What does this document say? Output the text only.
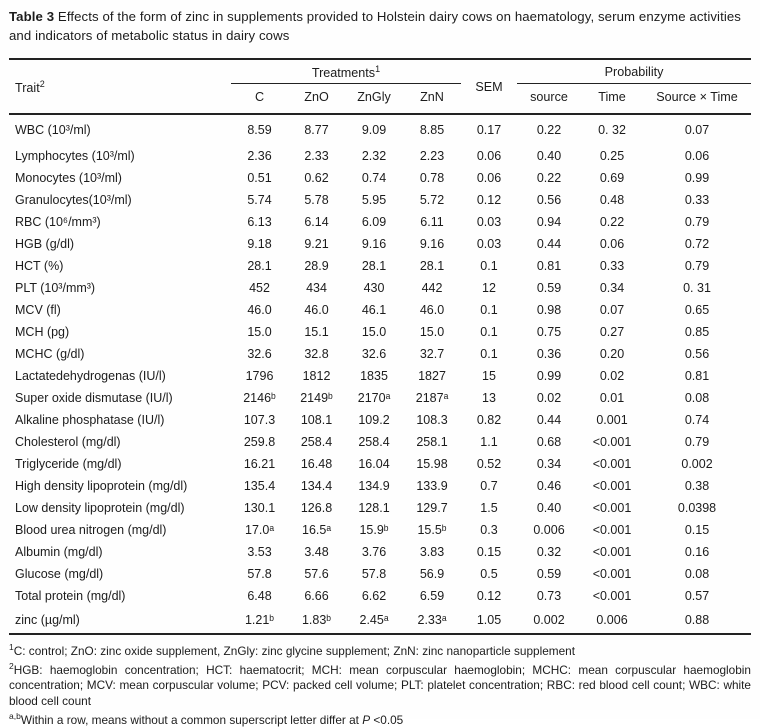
Table 3 Effects of the form of zinc in supplements provided to Holstein dairy cows on haematology, serum enzyme activities and indicators of metabolic status in dairy cows

Trait$^2$	Treatments$^1$				SEM	Probability		
	C	ZnO	ZnGly	ZnN		source	Time	Source × Time
WBC (10³/ml)	8.59	8.77	9.09	8.85	0.17	0.22	0. 32	0.07
Lymphocytes (10³/ml)	2.36	2.33	2.32	2.23	0.06	0.40	0.25	0.06
Monocytes (10³/ml)	0.51	0.62	0.74	0.78	0.06	0.22	0.69	0.99
Granulocytes(10³/ml)	5.74	5.78	5.95	5.72	0.12	0.56	0.48	0.33
RBC (10⁶/mm³)	6.13	6.14	6.09	6.11	0.03	0.94	0.22	0.79
HGB (g/dl)	9.18	9.21	9.16	9.16	0.03	0.44	0.06	0.72
HCT (%)	28.1	28.9	28.1	28.1	0.1	0.81	0.33	0.79
PLT (10³/mm³)	452	434	430	442	12	0.59	0.34	0. 31
MCV (fl)	46.0	46.0	46.1	46.0	0.1	0.98	0.07	0.65
MCH (pg)	15.0	15.1	15.0	15.0	0.1	0.75	0.27	0.85
MCHC (g/dl)	32.6	32.8	32.6	32.7	0.1	0.36	0.20	0.56
Lactatedehydrogenas (IU/l)	1796	1812	1835	1827	15	0.99	0.02	0.81
Super oxide dismutase (IU/l)	2146ᵇ	2149ᵇ	2170ᵃ	2187ᵃ	13	0.02	0.01	0.08
Alkaline phosphatase (IU/l)	107.3	108.1	109.2	108.3	0.82	0.44	0.001	0.74
Cholesterol (mg/dl)	259.8	258.4	258.4	258.1	1.1	0.68	<0.001	0.79
Triglyceride (mg/dl)	16.21	16.48	16.04	15.98	0.52	0.34	<0.001	0.002
High density lipoprotein (mg/dl)	135.4	134.4	134.9	133.9	0.7	0.46	<0.001	0.38
Low density lipoprotein (mg/dl)	130.1	126.8	128.1	129.7	1.5	0.40	<0.001	0.0398
Blood urea nitrogen (mg/dl)	17.0ᵃ	16.5ᵃ	15.9ᵇ	15.5ᵇ	0.3	0.006	<0.001	0.15
Albumin (mg/dl)	3.53	3.48	3.76	3.83	0.15	0.32	<0.001	0.16
Glucose (mg/dl)	57.8	57.6	57.8	56.9	0.5	0.59	<0.001	0.08
Total protein (mg/dl)	6.48	6.66	6.62	6.59	0.12	0.73	<0.001	0.57
zinc (µg/ml)	1.21ᵇ	1.83ᵇ	2.45ᵃ	2.33ᵃ	1.05	0.002	0.006	0.88

$^1$C: control; ZnO: zinc oxide supplement, ZnGly: zinc glycine supplement; ZnN: zinc nanoparticle supplement

$^2$HGB: haemoglobin concentration; HCT: haematocrit; MCH: mean corpuscular haemoglobin; MCHC: mean corpuscular haemoglobin concentration; MCV: mean corpuscular volume; PCV: packed cell volume; PLT: platelet concentration; RBC: red blood cell count; WBC: white blood cell count

$^{a,b}$Within a row, means without a common superscript letter differ at P <0.05
